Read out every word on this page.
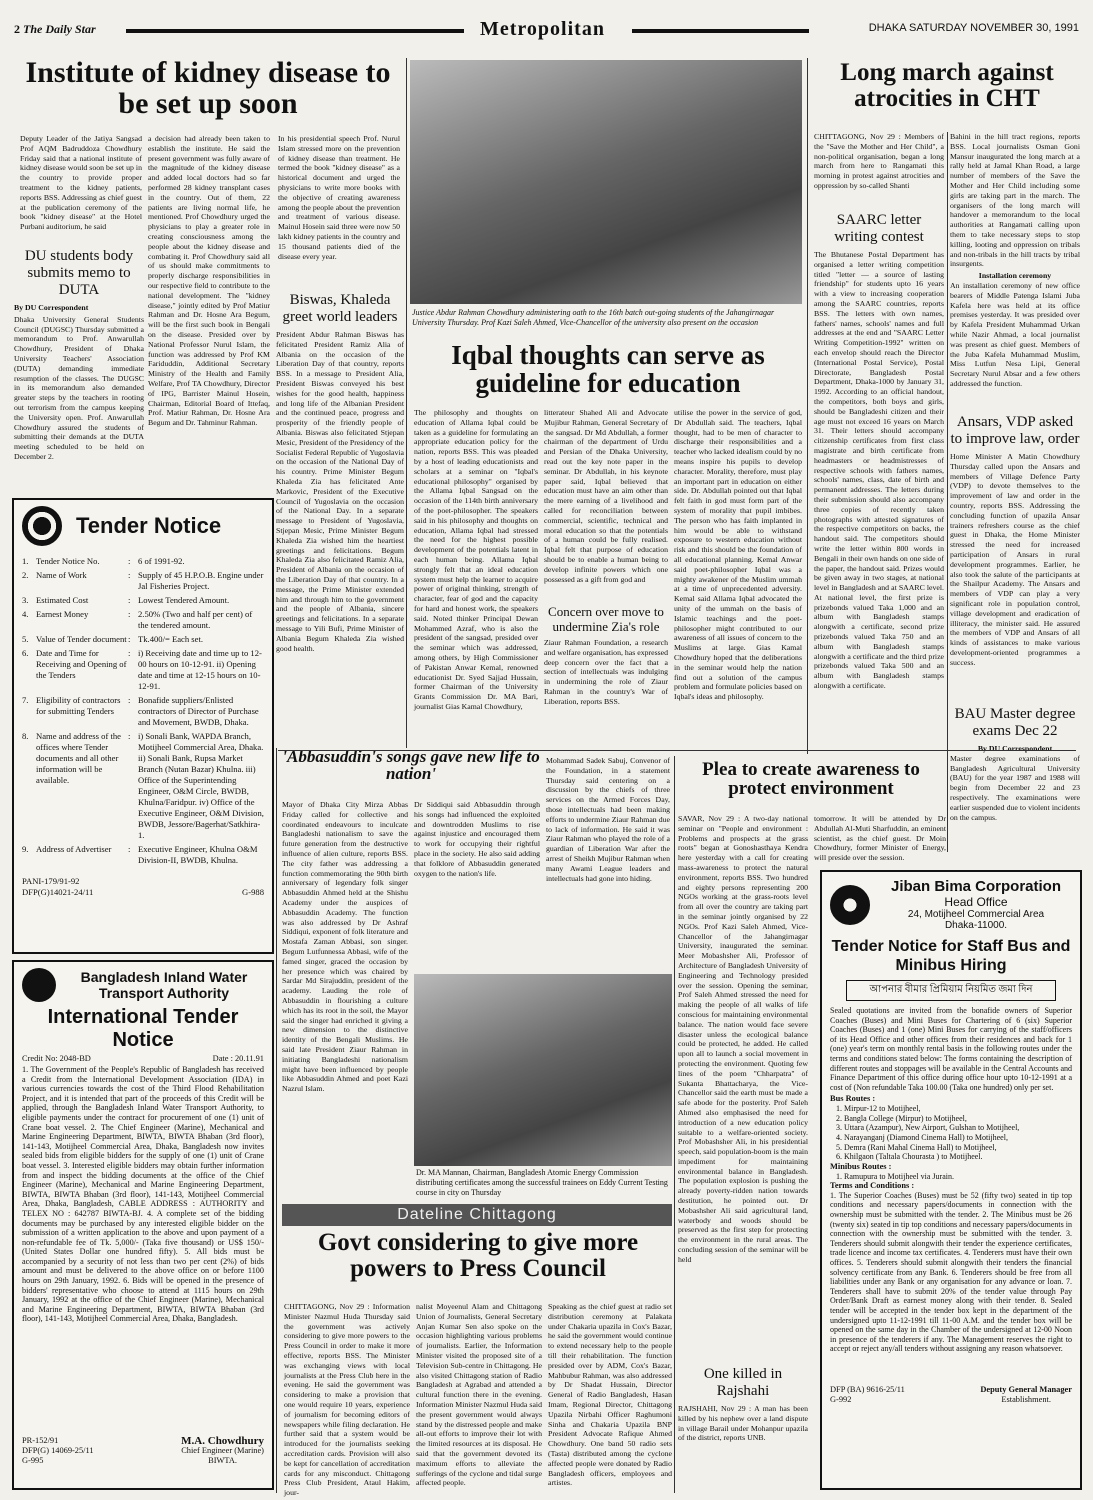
2 The Daily Star	Metropolitan	DHAKA SATURDAY NOVEMBER 30, 1991
Institute of kidney disease to be set up soon
Deputy Leader of the Jatiya Sangsad Prof AQM Badruddoza Chowdhury Friday said that a national institute of kidney disease would soon be set up in the country to provide proper treatment to the kidney patients, reports BSS. Addressing as chief guest at the publication ceremony of the book "kidney disease" at the Hotel Purbani auditorium, he said
a decision had already been taken to establish the institute. He said the present government was fully aware of the magnitude of the kidney disease and added local doctors had so far performed 28 kidney transplant cases in the country. Out of them, 22 patients are living normal life, he mentioned. Prof Chowdhury urged the physicians to play a greater role in creating consciousness among the people about the kidney disease and combating it. Prof Chowdhury said all of us should make commitments to properly discharge responsibilities in our respective field to contribute to the national development. The "kidney disease," jointly edited by Prof Matiur Rahman and Dr. Hosne Ara Begum, will be the first such book in Bengali on the disease. Presided over by National Professor Nurul Islam, the function was addressed by Prof KM Fariduddin, Additional Secretary Ministry of the Health and Family Welfare, Prof TA Chowdhury, Director of IPG, Barrister Mainul Hosein, Chairman, Editorial Board of Ittefaq, Prof. Matiur Rahman, Dr. Hosne Ara Begum and Dr. Tahminur Rahman.
In his presidential speech Prof. Nurul Islam stressed more on the prevention of kidney disease than treatment. He termed the book "kidney disease" as a historical document and urged the physicians to write more books with the objective of creating awareness among the people about the prevention and treatment of various disease. Mainul Hosein said three were now 50 lakh kidney patients in the country and 15 thousand patients died of the disease every year.
DU students body submits memo to DUTA
By DU Correspondent
Dhaka University General Students Council (DUGSC) Thursday submitted a memorandum to Prof. Anwarullah Chowdhury, President of Dhaka University Teachers' Association (DUTA) demanding immediate resumption of the classes. The DUGSC in its memorandum also demanded greater steps by the teachers in rooting out terrorism from the campus keeping the University open. Prof. Anwarullah Chowdhury assured the students of submitting their demands at the DUTA meeting scheduled to be held on December 2.
Biswas, Khaleda greet world leaders
President Abdur Rahman Biswas has felicitated President Ramiz Alia of Albania on the occasion of the Liberation Day of that country, reports BSS. In a message to President Alia, President Biswas conveyed his best wishes for the good health, happiness and long life of the Albanian President and the continued peace, progress and prosperity of the friendly people of Albania. Biswas also felicitated Stjepan Mesic, President of the Presidency of the Socialist Federal Republic of Yugoslavia on the occasion of the National Day of his country. Prime Minister Begum Khaleda Zia has felicitated Ante Markovic, President of the Executive Council of Yugoslavia on the occasion of the National Day. In a separate message to President of Yugoslavia, Stjepan Mesic, Prime Minister Begum Khaleda Zia wished him the heartiest greetings and felicitations. Begum Khaleda Zia also felicitated Ramiz Alia, President of Albania on the occasion of the Liberation Day of that country. In a message, the Prime Minister extended him and through him to the government and the people of Albania, sincere greetings and felicitations. In a separate message to Yili Bufi, Prime Minister of Albania Begum Khaleda Zia wished good health.
Justice Abdur Rahman Chowdhury administering oath to the 16th batch out-going students of the Jahangirnagar University Thursday. Prof Kazi Saleh Ahmed, Vice-Chancellor of the university also present on the occasion
Iqbal thoughts can serve as guideline for education
The philosophy and thoughts on education of Allama Iqbal could be taken as a guideline for formulating an appropriate education policy for the nation, reports BSS. This was pleaded by a host of leading educationists and scholars at a seminar on "Iqbal's educational philosophy" organised by the Allama Iqbal Sangsad on the occasion of the 114th birth anniversary of the poet-philosopher. The speakers said in his philosophy and thoughts on education, Allama Iqbal had stressed the need for the highest possible development of the potentials latent in each human being. Allama Iqbal strongly felt that an ideal education system must help the learner to acquire power of original thinking, strength of character, fear of god and the capacity for hard and honest work, the speakers said. Noted thinker Principal Dewan Mohammed Azraf, who is also the president of the sangsad, presided over the seminar which was addressed, among others, by High Commissioner of Pakistan Anwar Kemal, renowned educationist Dr. Syed Sajjad Hussain, former Chairman of the University Grants Commission Dr. MA Bari, journalist Gias Kamal Chowdhury,
litterateur Shahed Ali and Advocate Mujibur Rahman, General Secretary of the sangsad. Dr Md Abdullah, a former chairman of the department of Urdu and Persian of the Dhaka University, read out the key note paper in the seminar. Dr Abdullah, in his keynote paper said, Iqbal believed that education must have an aim other than the mere earning of a livelihood and called for reconciliation between commercial, scientific, technical and moral education so that the potentials of a human could be fully realised. Iqbal felt that purpose of education should be to enable a human being to develop infinite powers which one possessed as a gift from god and
Concern over move to undermine Zia's role
Ziaur Rahman Foundation, a research and welfare organisation, has expressed deep concern over the fact that a section of intellectuals was indulging in undermining the role of Ziaur Rahman in the country's War of Liberation, reports BSS.
utilise the power in the service of god, Dr Abdullah said. The teachers, Iqbal thought, had to be men of character to discharge their responsibilities and a teacher who lacked idealism could by no means inspire his pupils to develop character. Morality, therefore, must play an important part in education on either side. Dr. Abdullah pointed out that Iqbal felt faith in god must form part of the system of morality that pupil imbibes. The person who has faith implanted in him would be able to withstand exposure to western education without risk and this should be the foundation of all educational planning. Kemal Anwar said poet-philosopher Iqbal was a mighty awakener of the Muslim ummah at a time of unprecedented adversity. Kemal said Allama Iqbal advocated the unity of the ummah on the basis of Islamic teachings and the poet-philosopher might contributed to our awareness of all issues of concern to the Muslims at large. Gias Kamal Chowdhury hoped that the deliberations in the seminar would help the nation find out a solution of the campus problem and formulate policies based on Iqbal's ideas and philosophy.
Long march against atrocities in CHT
CHITTAGONG, Nov 29 : Members of the "Save the Mother and Her Child", a non-political organisation, began a long march from here to Rangamati this morning in protest against atrocities and oppression by so-called Shanti
Bahini in the hill tract regions, reports BSS. Local journalists Osman Goni Mansur inaugurated the long march at a rally held at Jamal Khan Road, a large number of members of the Save the Mother and Her Child including some girls are taking part in the march. The organisers of the long march will handover a memorandum to the local authorities at Rangamati calling upon them to take necessary steps to stop killing, looting and oppression on tribals and non-tribals in the hill tracts by tribal insurgents.
Installation ceremony
An installation ceremony of new office bearers of Middle Patenga Islami Juba Kafela here was held at its office premises yesterday. It was presided over by Kafela President Muhammad Urkan while Nazir Ahmad, a local journalist was present as chief guest. Members of the Juba Kafela Muhammad Muslim, Miss Lutfun Nesa Lipi, General Secretary Nurul Absar and a few others addressed the function.
SAARC letter writing contest
The Bhutanese Postal Department has organised a letter writing competition titled "letter — a source of lasting friendship" for students upto 16 years with a view to increasing cooperation among the SAARC countries, reports BSS. The letters with own names, fathers' names, schools' names and full addresses at the end and "SAARC Letter Writing Competition-1992" written on each envelop should reach the Director (International Postal Service), Postal Directorate, Bangladesh Postal Department, Dhaka-1000 by January 31, 1992. According to an official handout, the competitors, both boys and girls, should be Bangladeshi citizen and their age must not exceed 16 years on March 31. Their letters should accompany citizenship certificates from first class magistrate and birth certificate from headmasters or headmistresses of respective schools with fathers names, schools' names, class, date of birth and permanent addresses. The letters during their submission should also accompany three copies of recently taken photographs with attested signatures of the respective competitors on backs, the handout said. The competitors should write the letter within 800 words in Bengali in their own hands on one side of the paper, the handout said. Prizes would be given away in two stages, at national level in Bangladesh and at SAARC level. At national level, the first prize is prizebonds valued Taka 1,000 and an album with Bangladesh stamps alongwith a certificate, second prize prizebonds valued Taka 750 and an album with Bangladesh stamps alongwith a certificate and the third prize prizebonds valued Taka 500 and an album with Bangladesh stamps alongwith a certificate.
Ansars, VDP asked to improve law, order
Home Minister A Matin Chowdhury Thursday called upon the Ansars and members of Village Defence Party (VDP) to devote themselves to the improvement of law and order in the country, reports BSS. Addressing the concluding function of upazila Ansar trainers refreshers course as the chief guest in Dhaka, the Home Minister stressed the need for increased participation of Ansars in rural development programmes. Earlier, he also took the salute of the participants at the Shailpur Academy. The Ansars and members of VDP can play a very significant role in population control, village development and eradication of illiteracy, the minister said. He assured the members of VDP and Ansars of all kinds of assistances to make various development-oriented programmes a success.
BAU Master degree exams Dec 22
By DU Correspondent
Master degree examinations of Bangladesh Agricultural University (BAU) for the year 1987 and 1988 will begin from December 22 and 23 respectively. The examinations were earlier suspended due to violent incidents on the campus.
Tender Notice
1. Tender Notice No.	: 6 of 1991-92.
2. Name of Work	: Supply of 45 H.P.O.B. Engine under Jal Fisheries Project.
3. Estimated Cost	: Lowest Tendered Amount.
4. Earnest Money	: 2.50% (Two and half per cent) of the tendered amount.
5. Value of Tender document : Tk.400/= Each set.
6. Date and Time for Receiving and Opening of the Tenders
: i) Receiving date and time up to 12-00 hours on 10-12-91. ii) Opening date and time at 12-15 hours on 10-12-91.
7. Eligibility of contractors for submitting Tenders
: Bonafide suppliers/Enlisted contractors of Director of Purchase and Movement, BWDB, Dhaka.
8. Name and address of the offices where Tender documents and all other information will be available.
: i) Sonali Bank, WAPDA Branch, Motijheel Commercial Area, Dhaka. ii) Sonali Bank, Rupsa Market Branch (Nutan Bazar) Khulna. iii) Office of the Superintending Engineer, O&M Circle, BWDB, Khulna/Faridpur. iv) Office of the Executive Engineer, O&M Division, BWDB, Jessore/Bagerhat/Satkhira-1.
9. Address of Advertiser	: Executive Engineer, Khulna O&M Division-II, BWDB, Khulna.
PANI-179/91-92
DFP(G)14021-24/11	G-988
Bangladesh Inland Water Transport Authority
International Tender Notice
Credit No: 2048-BD	Date : 20.11.91
1. The Government of the People's Republic of Bangladesh has received a Credit from the International Development Association (IDA) in various currencies towards the cost of the Third Flood Rehabilitation Project, and it is intended that part of the proceeds of this Credit will be applied, through the Bangladesh Inland Water Transport Authority, to eligible payments under the contract for procurement of one (1) unit of Crane boat vessel. 2. The Chief Engineer (Marine), Mechanical and Marine Engineering Department, BIWTA, BIWTA Bhaban (3rd floor), 141-143, Motijheel Commercial Area, Dhaka, Bangladesh now invites sealed bids from eligible bidders for the supply of one (1) unit of Crane boat vessel. 3. Interested eligible bidders may obtain further information from and inspect the bidding documents at the office of the Chief Engineer (Marine), Mechanical and Marine Engineering Department, BIWTA, BIWTA Bhaban (3rd floor), 141-143, Motijheel Commercial Area, Dhaka, Bangladesh, CABLE ADDRESS : AUTHORITY and TELEX NO : 642787 BIWTA-BJ. 4. A complete set of the bidding documents may be purchased by any interested eligible bidder on the submission of a written application to the above and upon payment of a non-refundable fee of Tk. 5,000/- (Taka five thousand) or US$ 150/- (United States Dollar one hundred fifty). 5. All bids must be accompanied by a security of not less than two per cent (2%) of bids amount and must be delivered to the above office on or before 1100 hours on 29th January, 1992. 6. Bids will be opened in the presence of bidders' representative who choose to attend at 1115 hours on 29th January, 1992 at the office of the Chief Engineer (Marine), Mechanical and Marine Engineering Department, BIWTA, BIWTA Bhaban (3rd floor), 141-143, Motijheel Commercial Area, Dhaka, Bangladesh.
PR-152/91
DFP(G) 14069-25/11
G-995
M.A. Chowdhury
Chief Engineer (Marine)
BIWTA.
'Abbasuddin's songs gave new life to nation'
Mayor of Dhaka City Mirza Abbas Friday called for collective and coordinated endeavours to inculcate Bangladeshi nationalism to save the future generation from the destructive influence of alien culture, reports BSS. The city father was addressing a function commemorating the 90th birth anniversary of legendary folk singer Abbasuddin Ahmed held at the Shishu Academy under the auspices of Abbasuddin Academy. The function was also addressed by Dr Ashraf Siddiqui, exponent of folk literature and Mostafa Zaman Abbasi, son singer. Begum Lutfunnessa Abbasi, wife of the famed singer, graced the occasion by her presence which was chaired by Sardar Md Sirajuddin, president of the academy. Lauding the role of Abbasuddin in flourishing a culture which has its root in the soil, the Mayor said the singer had enriched it giving a new dimension to the distinctive identity of the Bengali Muslims. He said late President Ziaur Rahman in initiating Bangladeshi nationalism might have been influenced by people like Abbasuddin Ahmed and poet Kazi Nazrul Islam.
Dr Siddiqui said Abbasuddin through his songs had influenced the exploited and downtrodden Muslims to rise against injustice and encouraged them to work for occupying their rightful place in the society. He also said adding that folklore of Abbasuddin generated oxygen to the nation's life.
Mohammad Sadek Sabuj, Convenor of the Foundation, in a statement Thursday said centering on a discussion by the chiefs of three services on the Armed Forces Day, those intellectuals had been making efforts to undermine Ziaur Rahman due to lack of information. He said it was Ziaur Rahman who played the role of a guardian of Liberation War after the arrest of Sheikh Mujibur Rahman when many Awami League leaders and intellectuals had gone into hiding.
Dr. MA Mannan, Chairman, Bangladesh Atomic Energy Commission distributing certificates among the successful trainees on Eddy Current Testing course in city on Thursday
Plea to create awareness to protect environment
SAVAR, Nov 29 : A two-day national seminar on "People and environment : Problems and prospects at the grass roots" began at Gonoshasthaya Kendra here yesterday with a call for creating mass-awareness to protect the natural environment, reports BSS. Two hundred and eighty persons representing 200 NGOs working at the grass-roots level from all over the country are taking part in the seminar jointly organised by 22 NGOs. Prof Kazi Saleh Ahmed, Vice-Chancellor of the Jahangirnagar University, inaugurated the seminar. Meer Mobashsher Ali, Professor of Architecture of Bangladesh University of Engineering and Technology presided over the session. Opening the seminar, Prof Saleh Ahmed stressed the need for making the people of all walks of life conscious for maintaining environmental balance. The nation would face severe disaster unless the ecological balance could be protected, he added. He called upon all to launch a social movement in protecting the environment. Quoting few lines of the poem "Chharpatra" of Sukanta Bhattacharya, the Vice-Chancellor said the earth must be made a safe abode for the posterity. Prof Saleh Ahmed also emphasised the need for introduction of a new education policy suitable to a welfare-oriented society. Prof Mobashsher Ali, in his presidential speech, said population-boom is the main impediment for maintaining environmental balance in Bangladesh. The population explosion is pushing the already poverty-ridden nation towards destitution, he pointed out. Dr Mobashsher Ali said agricultural land, waterbody and woods should be preserved as the first step for protecting the environment in the rural areas. The concluding session of the seminar will be held
tomorrow. It will be attended by Dr Abdullah Al-Muti Sharfuddin, an eminent scientist, as the chief guest. Dr Moin Chowdhury, former Minister of Energy, will preside over the session.
One killed in Rajshahi
RAJSHAHI, Nov 29 : A man has been killed by his nephew over a land dispute in village Barail under Mohanpur upazila of the district, reports UNB.
Dateline Chittagong
Govt considering to give more powers to Press Council
CHITTAGONG, Nov 29 : Information Minister Nazmul Huda Thursday said the government was actively considering to give more powers to the Press Council in order to make it more effective, reports BSS. The Minister was exchanging views with local journalists at the Press Club here in the evening. He said the government was considering to make a provision that one would require 10 years, experience of journalism for becoming editors of newspapers while filing declaration. He further said that a system would be introduced for the journalists seeking accreditation cards. Provision will also be kept for cancellation of accreditation cards for any misconduct. Chittagong Press Club President, Ataul Hakim, jour-
nalist Moyeenul Alam and Chittagong Union of Journalists, General Secretary Anjan Kumar Sen also spoke on the occasion highlighting various problems of journalists. Earlier, the Information Minister visited the proposed site of a Television Sub-centre in Chittagong. He also visited Chittagong station of Radio Bangladesh at Agrabad and attended a cultural function there in the evening. Information Minister Nazmul Huda said the present government would always stand by the distressed people and make all-out efforts to improve their lot with the limited resources at its disposal. He said that the government devoted its maximum efforts to alleviate the sufferings of the cyclone and tidal surge affected people.
Speaking as the chief guest at radio set distribution ceremony at Palakata under Chakaria upazila in Cox's Bazar, he said the government would continue to extend necessary help to the people till their rehabilitation. The function presided over by ADM, Cox's Bazar, Mahbubur Rahman, was also addressed by Dr Shadat Hussain, Director General of Radio Bangladesh, Hasan Imam, Regional Director, Chittagong Upazila Nirbahi Officer Raghumoni Sinha and Chakaria Upazila BNP President Advocate Rafique Ahmed Chowdhury. One band 50 radio sets (Tasta) distributed among the cyclone affected people were donated by Radio Bangladesh officers, employees and artistes.
Jiban Bima Corporation
Head Office
24, Motijheel Commercial Area
Dhaka-11000.
Tender Notice for Staff Bus and Minibus Hiring
আপনার বীমার প্রিমিয়াম নিয়মিত জমা দিন
Sealed quotations are invited from the bonafide owners of Superior Coaches (Buses) and Mini Buses for Chartering of 6 (six) Superior Coaches (Buses) and 1 (one) Mini Buses for carrying of the staff/officers of its Head Office and other offices from their residences and back for 1 (one) year's term on monthly rental basis in the following routes under the terms and conditions stated below: The forms containing the description of different routes and stoppages will be available in the Central Accounts and Finance Department of this office during office hour upto 10-12-1991 at a cost of (Non refundable Taka 100.00 (Taka one hundred) only per set.
Bus Routes :
1. Mirpur-12 to Motijheel,
2. Bangla College (Mirpur) to Motijheel,
3. Uttara (Azampur), New Airport, Gulshan to Motijheel,
4. Narayanganj (Diamond Cinema Hall) to Motijheel,
5. Demra (Rani Mahal Cinema Hall) to Motijheel,
6. Khilgaon (Taltala Chourasta ) to Motijheel.
Minibus Routes :
1. Ramupura to Motijheel via Jurain.
Terms and Conditions :
1. The Superior Coaches (Buses) must be 52 (fifty two) seated in tip top conditions and necessary papers/documents in connection with the ownership must be submitted with the tender. 2. The Minibus must be 26 (twenty six) seated in tip top conditions and necessary papers/documents in connection with the ownership must be submitted with the tender. 3. Tenderers should submit alongwith their tender the experience certificates, trade licence and income tax certificates. 4. Tenderers must have their own offices. 5. Tenderers should submit alongwith their tenders the financial solvency certificate from any Bank. 6. Tenderers should be free from all liabilities under any Bank or any organisation for any advance or loan. 7. Tenderers shall have to submit 20% of the tender value through Pay Order/Bank Draft as earnest money along with their tender. 8. Sealed tender will be accepted in the tender box kept in the department of the undersigned upto 11-12-1991 till 11-00 A.M. and the tender box will be opened on the same day in the Chamber of the undersigned at 12-00 Noon in presence of the tenderers if any. The Management reserves the right to accept or reject any/all tenders without assigning any reason whatsoever.
DFP (BA) 9616-25/11
G-992
Deputy General Manager
Establishment.
